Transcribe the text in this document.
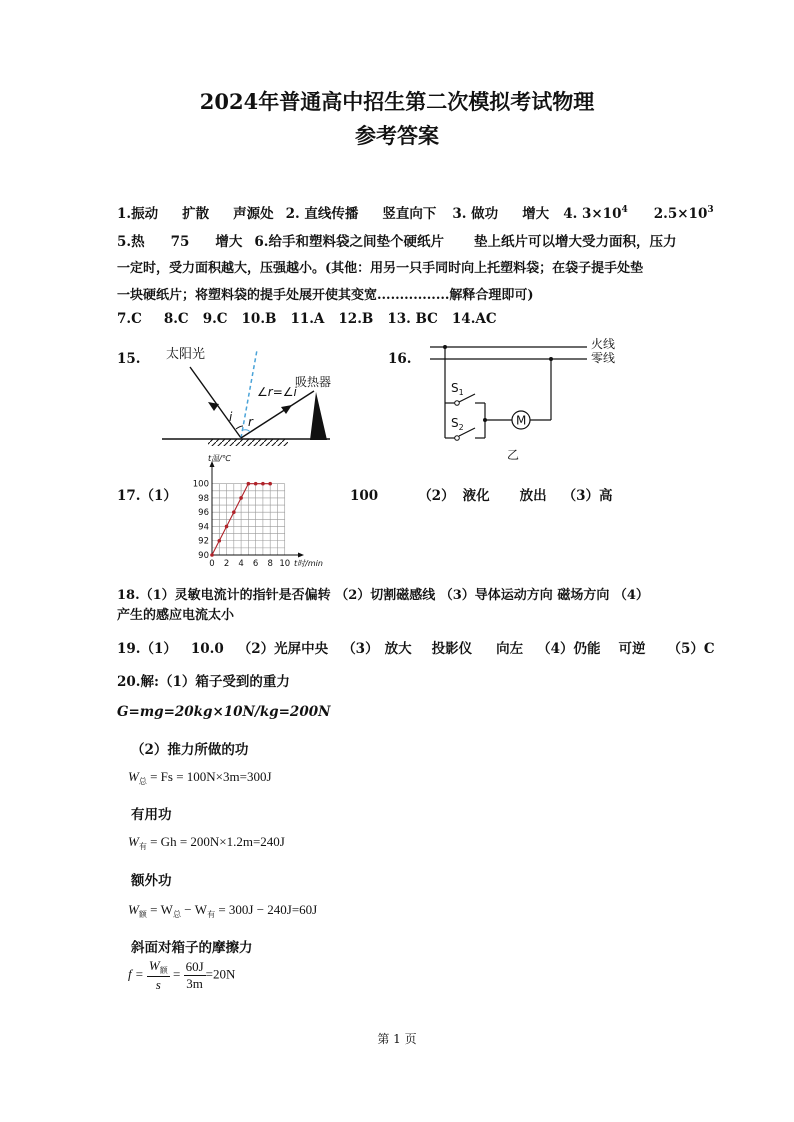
2024年普通高中招生第二次模拟考试物理
参考答案
1.振动 扩散 声源处 2. 直线传播 竖直向下 3. 做功 增大 4. $3\times 10^4$ $2.5\times 10^3$
5.热 75 增大 6.给手和塑料袋之间垫个硬纸片 垫上纸片可以增大受力面积，压力
一定时，受力面积越大，压强越小。(其他：用另一只手同时向上托塑料袋；在袋子提手处垫
一块硬纸片；将塑料袋的提手处展开使其变宽................解释合理即可)
7.C 8.C 9.C 10.B 11.A 12.B 13. BC 14.AC
15.	16.
太阳光
i r
∠r=∠i
吸热器
火线
零线
$S_1$
$S_2$	M
乙
17.（1）
90
92
94
96
98
100
0 2 4 6 8 10
t温/℃
t时/min
100	（2） 液化 放出 （3）高
18.（1）灵敏电流计的指针是否偏转 （2）切割磁感线 （3）导体运动方向 磁场方向 （4）
产生的感应电流太小
19.（1） 10.0 （2）光屏中央 （3） 放大 投影仪 向左 （4）仍能 可逆 （5）C
20.解:（1）箱子受到的重力
G=mg=20kg×10N/kg=200N
（2）推力所做的功
$W_总 = Fs = 100N\times 3m=300J$
有用功
$W_有 = Gh = 200N\times 1.2m=240J$
额外功
$W_额 = W_总 - W_有 = 300J - 240J=60J$
斜面对箱子的摩擦力
$f = \frac{W_额}{s} = \frac{60J}{3m} =20N$
第 1 页
